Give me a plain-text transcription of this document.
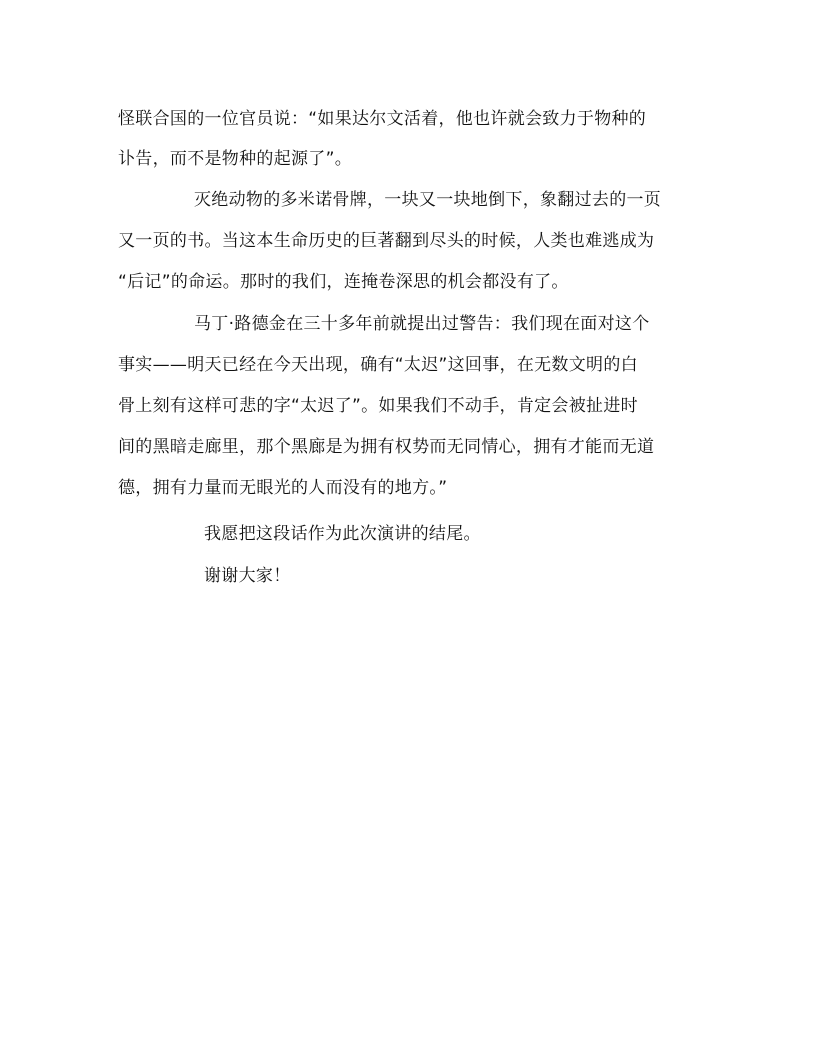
怪联合国的一位官员说：“如果达尔文活着，他也许就会致力于物种的
讣告，而不是物种的起源了”。
灭绝动物的多米诺骨牌，一块又一块地倒下，象翻过去的一页
又一页的书。当这本生命历史的巨著翻到尽头的时候，人类也难逃成为
“后记”的命运。那时的我们，连掩卷深思的机会都没有了。
马丁·路德金在三十多年前就提出过警告：我们现在面对这个
事实——明天已经在今天出现，确有“太迟”这回事，在无数文明的白
骨上刻有这样可悲的字“太迟了”。如果我们不动手，肯定会被扯进时
间的黑暗走廊里，那个黑廊是为拥有权势而无同情心，拥有才能而无道
德，拥有力量而无眼光的人而没有的地方。”
我愿把这段话作为此次演讲的结尾。
谢谢大家！
